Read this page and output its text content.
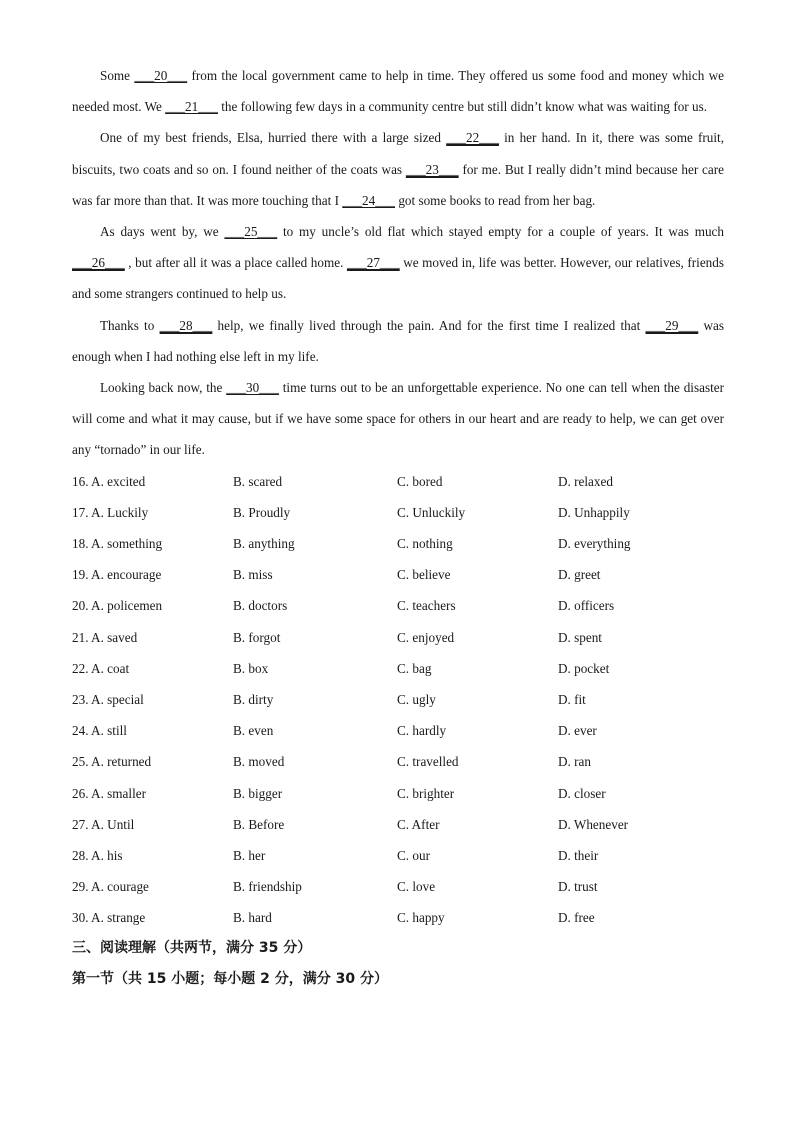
Some ___20___ from the local government came to help in time. They offered us some food and money which we needed most. We ___21___ the following few days in a community centre but still didn’t know what was waiting for us.

One of my best friends, Elsa, hurried there with a large sized ___22___ in her hand. In it, there was some fruit, biscuits, two coats and so on. I found neither of the coats was ___23___ for me. But I really didn’t mind because her care was far more than that. It was more touching that I ___24___ got some books to read from her bag.

As days went by, we ___25___ to my uncle’s old flat which stayed empty for a couple of years. It was much ___26___ , but after all it was a place called home. ___27___ we moved in, life was better. However, our relatives, friends and some strangers continued to help us.

Thanks to ___28___ help, we finally lived through the pain. And for the first time I realized that ___29___ was enough when I had nothing else left in my life.

Looking back now, the ___30___ time turns out to be an unforgettable experience. No one can tell when the disaster will come and what it may cause, but if we have some space for others in our heart and are ready to help, we can get over any “tornado” in our life.

16. A. excited	B. scared	C. bored	D. relaxed
17. A. Luckily	B. Proudly	C. Unluckily	D. Unhappily
18. A. something	B. anything	C. nothing	D. everything
19. A. encourage	B. miss	C. believe	D. greet
20. A. policemen	B. doctors	C. teachers	D. officers
21. A. saved	B. forgot	C. enjoyed	D. spent
22. A. coat	B. box	C. bag	D. pocket
23. A. special	B. dirty	C. ugly	D. fit
24. A. still	B. even	C. hardly	D. ever
25. A. returned	B. moved	C. travelled	D. ran
26. A. smaller	B. bigger	C. brighter	D. closer
27. A. Until	B. Before	C. After	D. Whenever
28. A. his	B. her	C. our	D. their
29. A. courage	B. friendship	C. love	D. trust
30. A. strange	B. hard	C. happy	D. free

三、阅读理解（共两节，满分 35 分）

第一节（共 15 小题；每小题 2 分，满分 30 分）
